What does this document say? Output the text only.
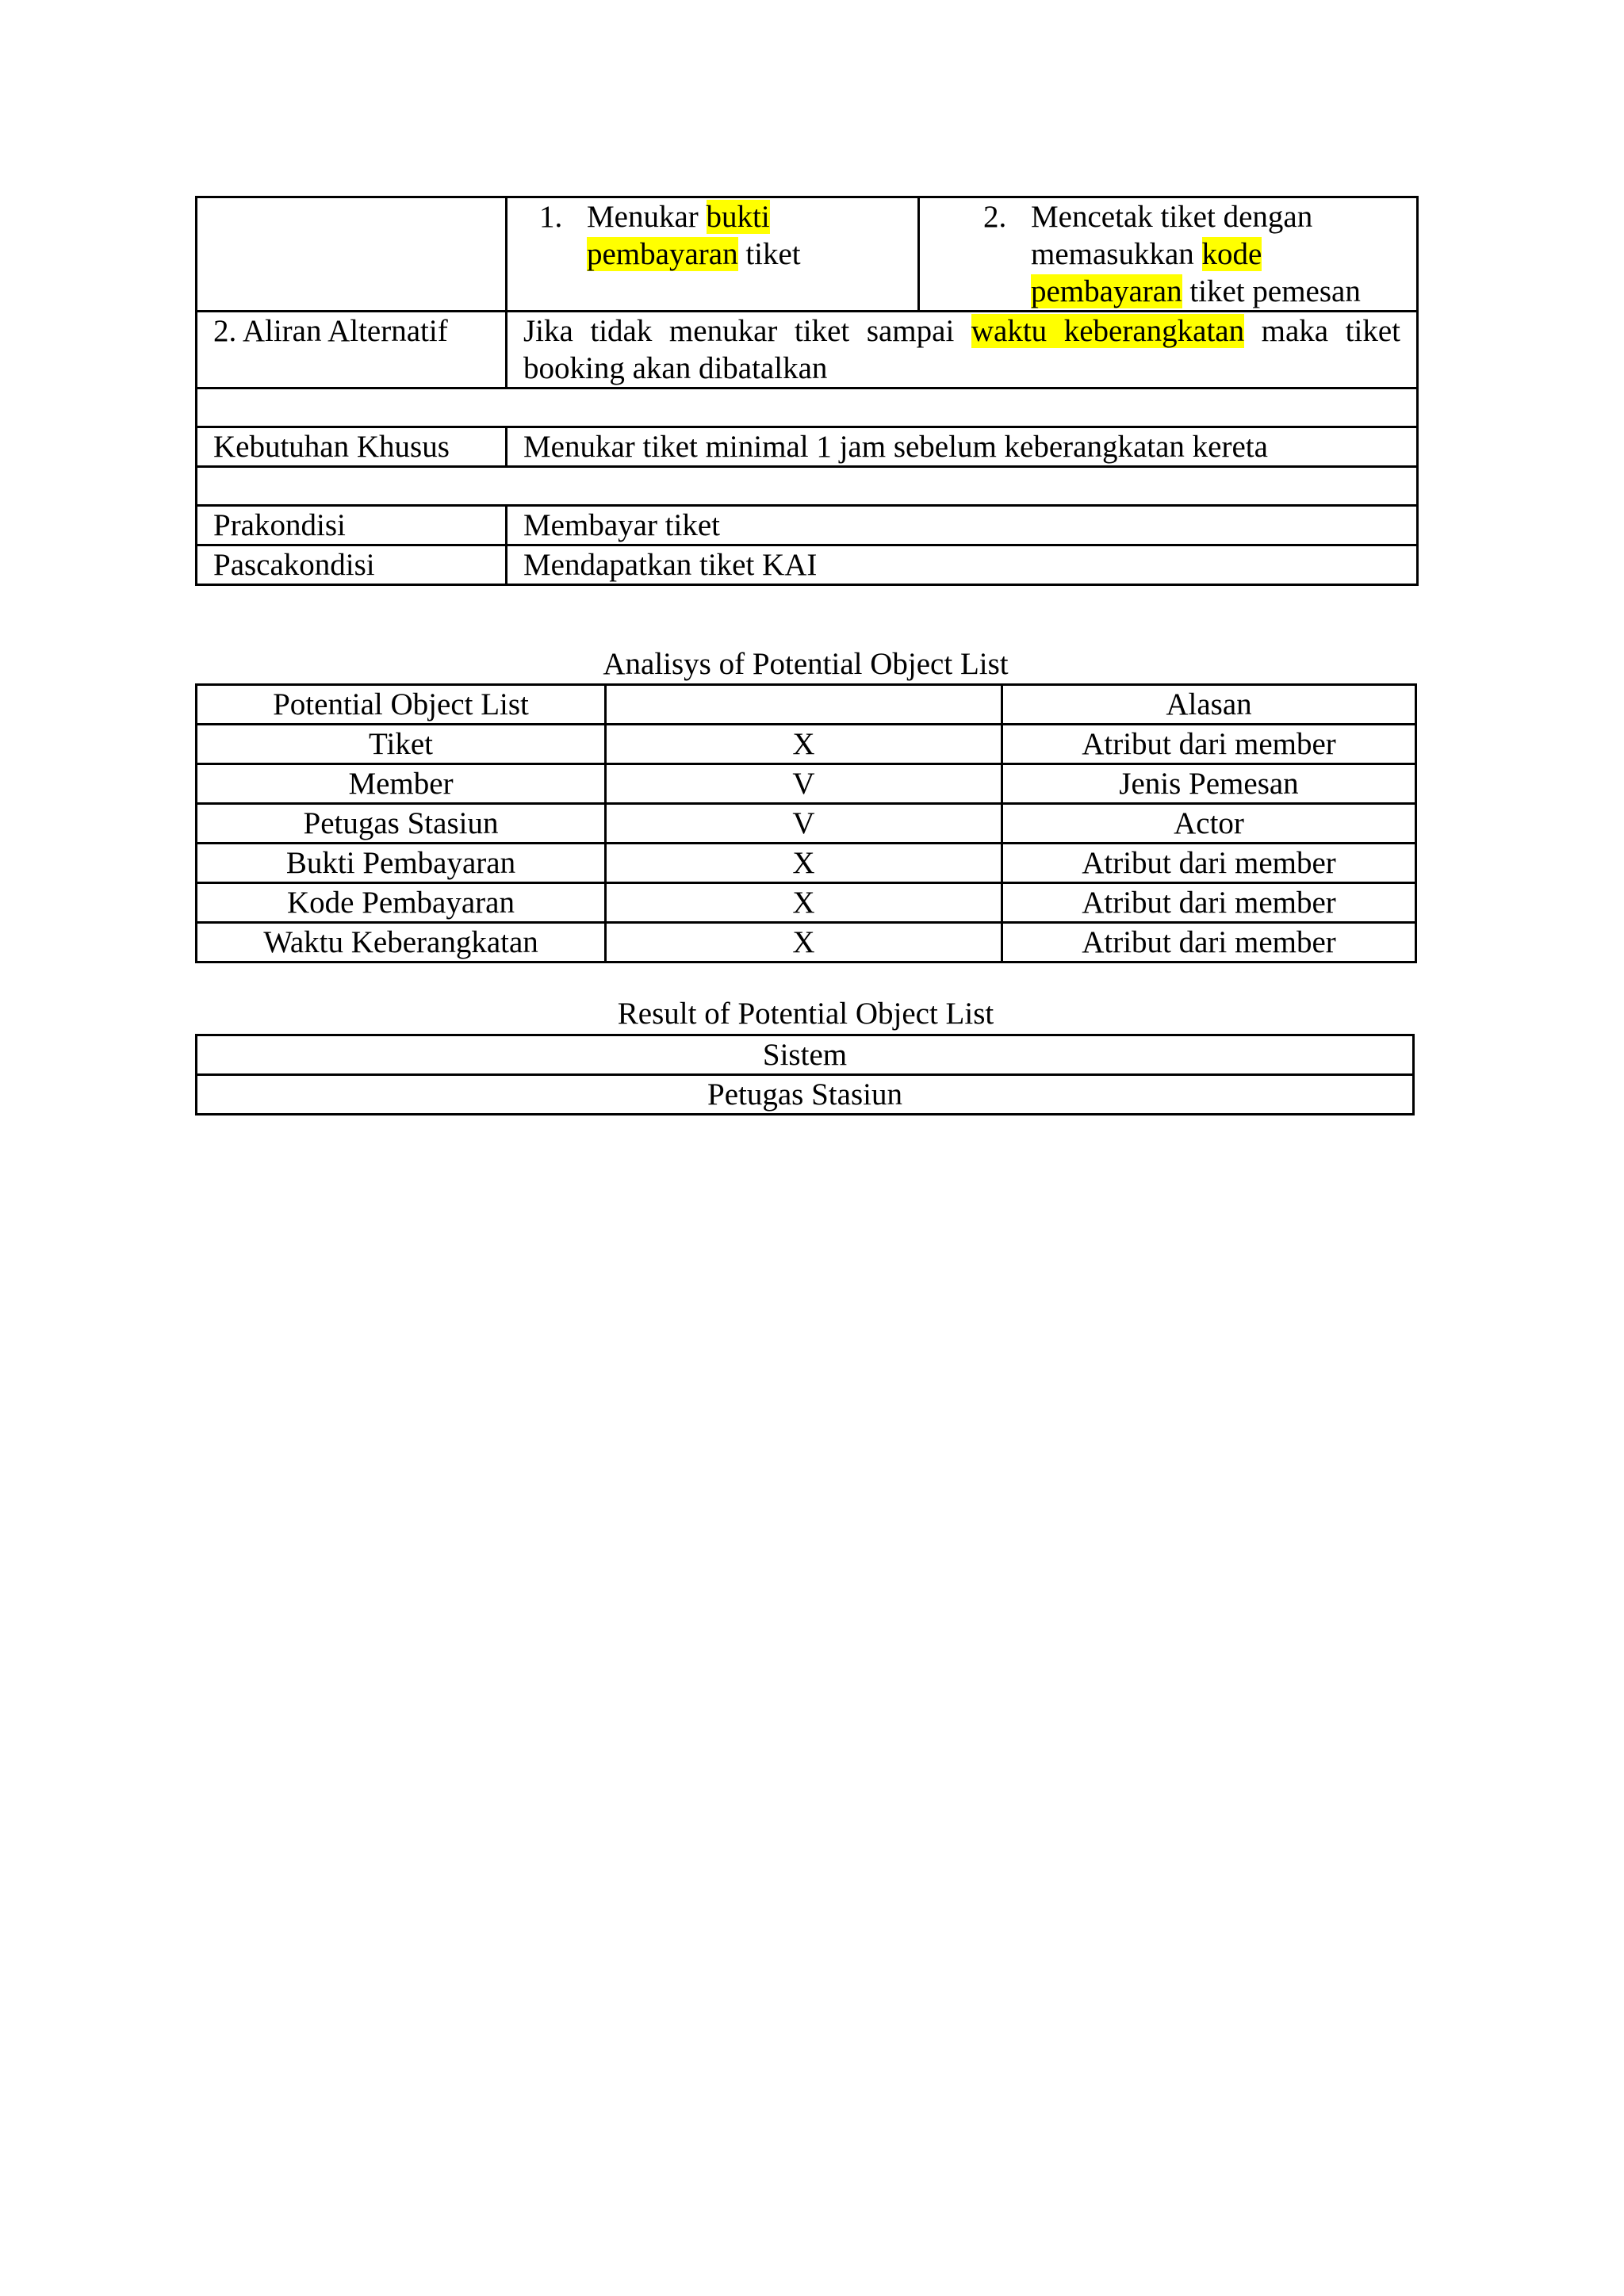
	1. Menukar bukti pembayaran tiket	2. Mencetak tiket dengan memasukkan kode pembayaran tiket pemesan

2. Aliran Alternatif	Jika tidak menukar tiket sampai waktu keberangkatan maka tiket booking akan dibatalkan	

Kebutuhan Khusus	Menukar tiket minimal 1 jam sebelum keberangkatan kereta	

Prakondisi	Membayar tiket	
Pascakondisi	Mendapatkan tiket KAI	
Analisys of Potential Object List
Potential Object List		Alasan
Tiket	X	Atribut dari member
Member	V	Jenis Pemesan
Petugas Stasiun	V	Actor
Bukti Pembayaran	X	Atribut dari member
Kode Pembayaran	X	Atribut dari member
Waktu Keberangkatan	X	Atribut dari member
Result of Potential Object List
Sistem
Petugas Stasiun
